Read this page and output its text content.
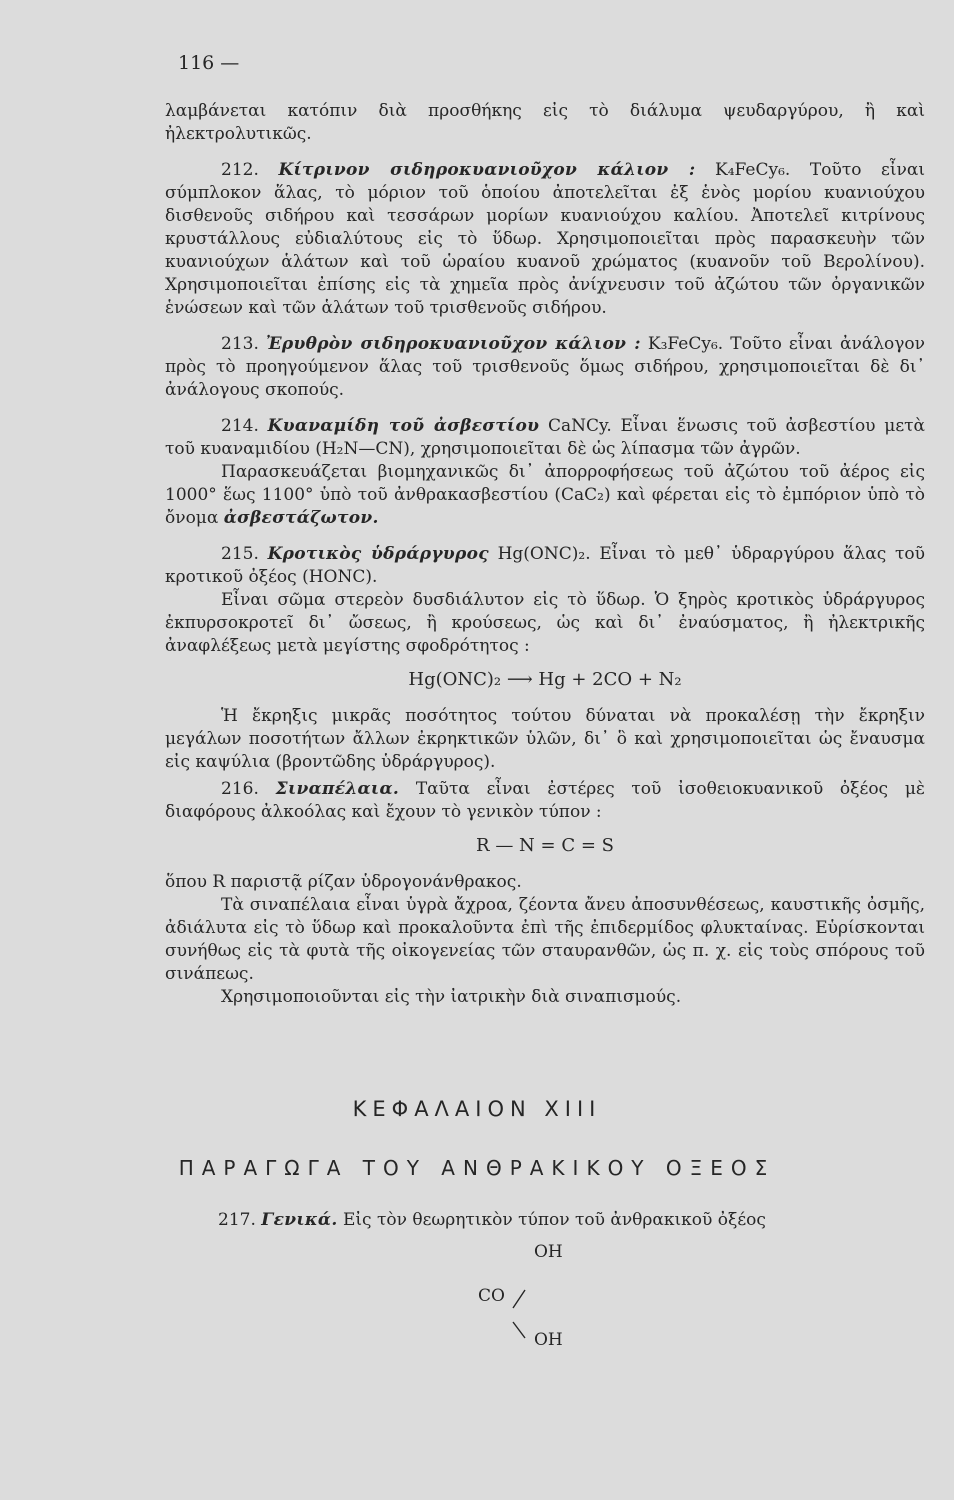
116 —

λαμβάνεται κατόπιν διὰ προσθήκης εἰς τὸ διάλυμα ψευδαργύρου, ἢ καὶ ἠλεκτρολυτικῶς.

212. Κίτρινον σιδηροκυανιοῦχον κάλιον : K₄FeCy₆. Τοῦτο εἶναι σύμπλοκον ἅλας, τὸ μόριον τοῦ ὁποίου ἀποτελεῖται ἐξ ἑνὸς μορίου κυανιούχου δισθενοῦς σιδήρου καὶ τεσσάρων μορίων κυανιούχου καλίου. Ἀποτελεῖ κιτρίνους κρυστάλλους εὐδιαλύτους εἰς τὸ ὕδωρ. Χρησιμοποιεῖται πρὸς παρασκευὴν τῶν κυανιούχων ἁλάτων καὶ τοῦ ὡραίου κυανοῦ χρώματος (κυανοῦν τοῦ Βερολίνου). Χρησιμοποιεῖται ἐπίσης εἰς τὰ χημεῖα πρὸς ἀνίχνευσιν τοῦ ἀζώτου τῶν ὀργανικῶν ἑνώσεων καὶ τῶν ἁλάτων τοῦ τρισθενοῦς σιδήρου.

213. Ἐρυθρὸν σιδηροκυανιοῦχον κάλιον : K₃FeCy₆. Τοῦτο εἶναι ἀνάλογον πρὸς τὸ προηγούμενον ἅλας τοῦ τρισθενοῦς ὅμως σιδήρου, χρησιμοποιεῖται δὲ δι᾽ ἀνάλογους σκοπούς.

214. Κυαναμίδη τοῦ ἀσβεστίου CaNCy. Εἶναι ἕνωσις τοῦ ἀσβεστίου μετὰ τοῦ κυαναμιδίου (H₂N—CN), χρησιμοποιεῖται δὲ ὡς λίπασμα τῶν ἀγρῶν.

Παρασκευάζεται βιομηχανικῶς δι᾽ ἀπορροφήσεως τοῦ ἀζώτου τοῦ ἀέρος εἰς 1000° ἕως 1100° ὑπὸ τοῦ ἀνθρακασβεστίου (CaC₂) καὶ φέρεται εἰς τὸ ἐμπόριον ὑπὸ τὸ ὄνομα ἀσβεστάζωτον.

215. Κροτικὸς ὑδράργυρος Hg(ONC)₂. Εἶναι τὸ μεθ᾽ ὑδραργύρου ἅλας τοῦ κροτικοῦ ὀξέος (HONC).

Εἶναι σῶμα στερεὸν δυσδιάλυτον εἰς τὸ ὕδωρ. Ὁ ξηρὸς κροτικὸς ὑδράργυρος ἐκπυρσοκροτεῖ δι᾽ ὤσεως, ἢ κρούσεως, ὡς καὶ δι᾽ ἐναύσματος, ἢ ἠλεκτρικῆς ἀναφλέξεως μετὰ μεγίστης σφοδρότητος :

Hg(ONC)₂ ⟶ Hg + 2CO + N₂

Ἡ ἔκρηξις μικρᾶς ποσότητος τούτου δύναται νὰ προκαλέσῃ τὴν ἔκρηξιν μεγάλων ποσοτήτων ἄλλων ἐκρηκτικῶν ὑλῶν, δι᾽ ὃ καὶ χρησιμοποιεῖται ὡς ἔναυσμα εἰς καψύλια (βροντῶδης ὑδράργυρος).

216. Σιναπέλαια. Ταῦτα εἶναι ἐστέρες τοῦ ἰσοθειοκυανικοῦ ὀξέος μὲ διαφόρους ἀλκοόλας καὶ ἔχουν τὸ γενικὸν τύπον :

R — N = C = S

ὅπου R παριστᾷ ρίζαν ὑδρογονάνθρακος.

Τὰ σιναπέλαια εἶναι ὑγρὰ ἄχροα, ζέοντα ἄνευ ἀποσυνθέσεως, καυστικῆς ὀσμῆς, ἀδιάλυτα εἰς τὸ ὕδωρ καὶ προκαλοῦντα ἐπὶ τῆς ἐπιδερμίδος φλυκταίνας. Εὑρίσκονται συνήθως εἰς τὰ φυτὰ τῆς οἰκογενείας τῶν σταυρανθῶν, ὡς π. χ. εἰς τοὺς σπόρους τοῦ σινάπεως.

Χρησιμοποιοῦνται εἰς τὴν ἰατρικὴν διὰ σιναπισμούς.

ΚΕΦΑΛΑΙΟΝ XIII
ΠΑΡΑΓΩΓΑ ΤΟΥ ΑΝΘΡΑΚΙΚΟΥ ΟΞΕΟΣ
217. Γενικά. Εἰς τὸν θεωρητικὸν τύπον τοῦ ἀνθρακικοῦ ὀξέος
OH
CO
OH
